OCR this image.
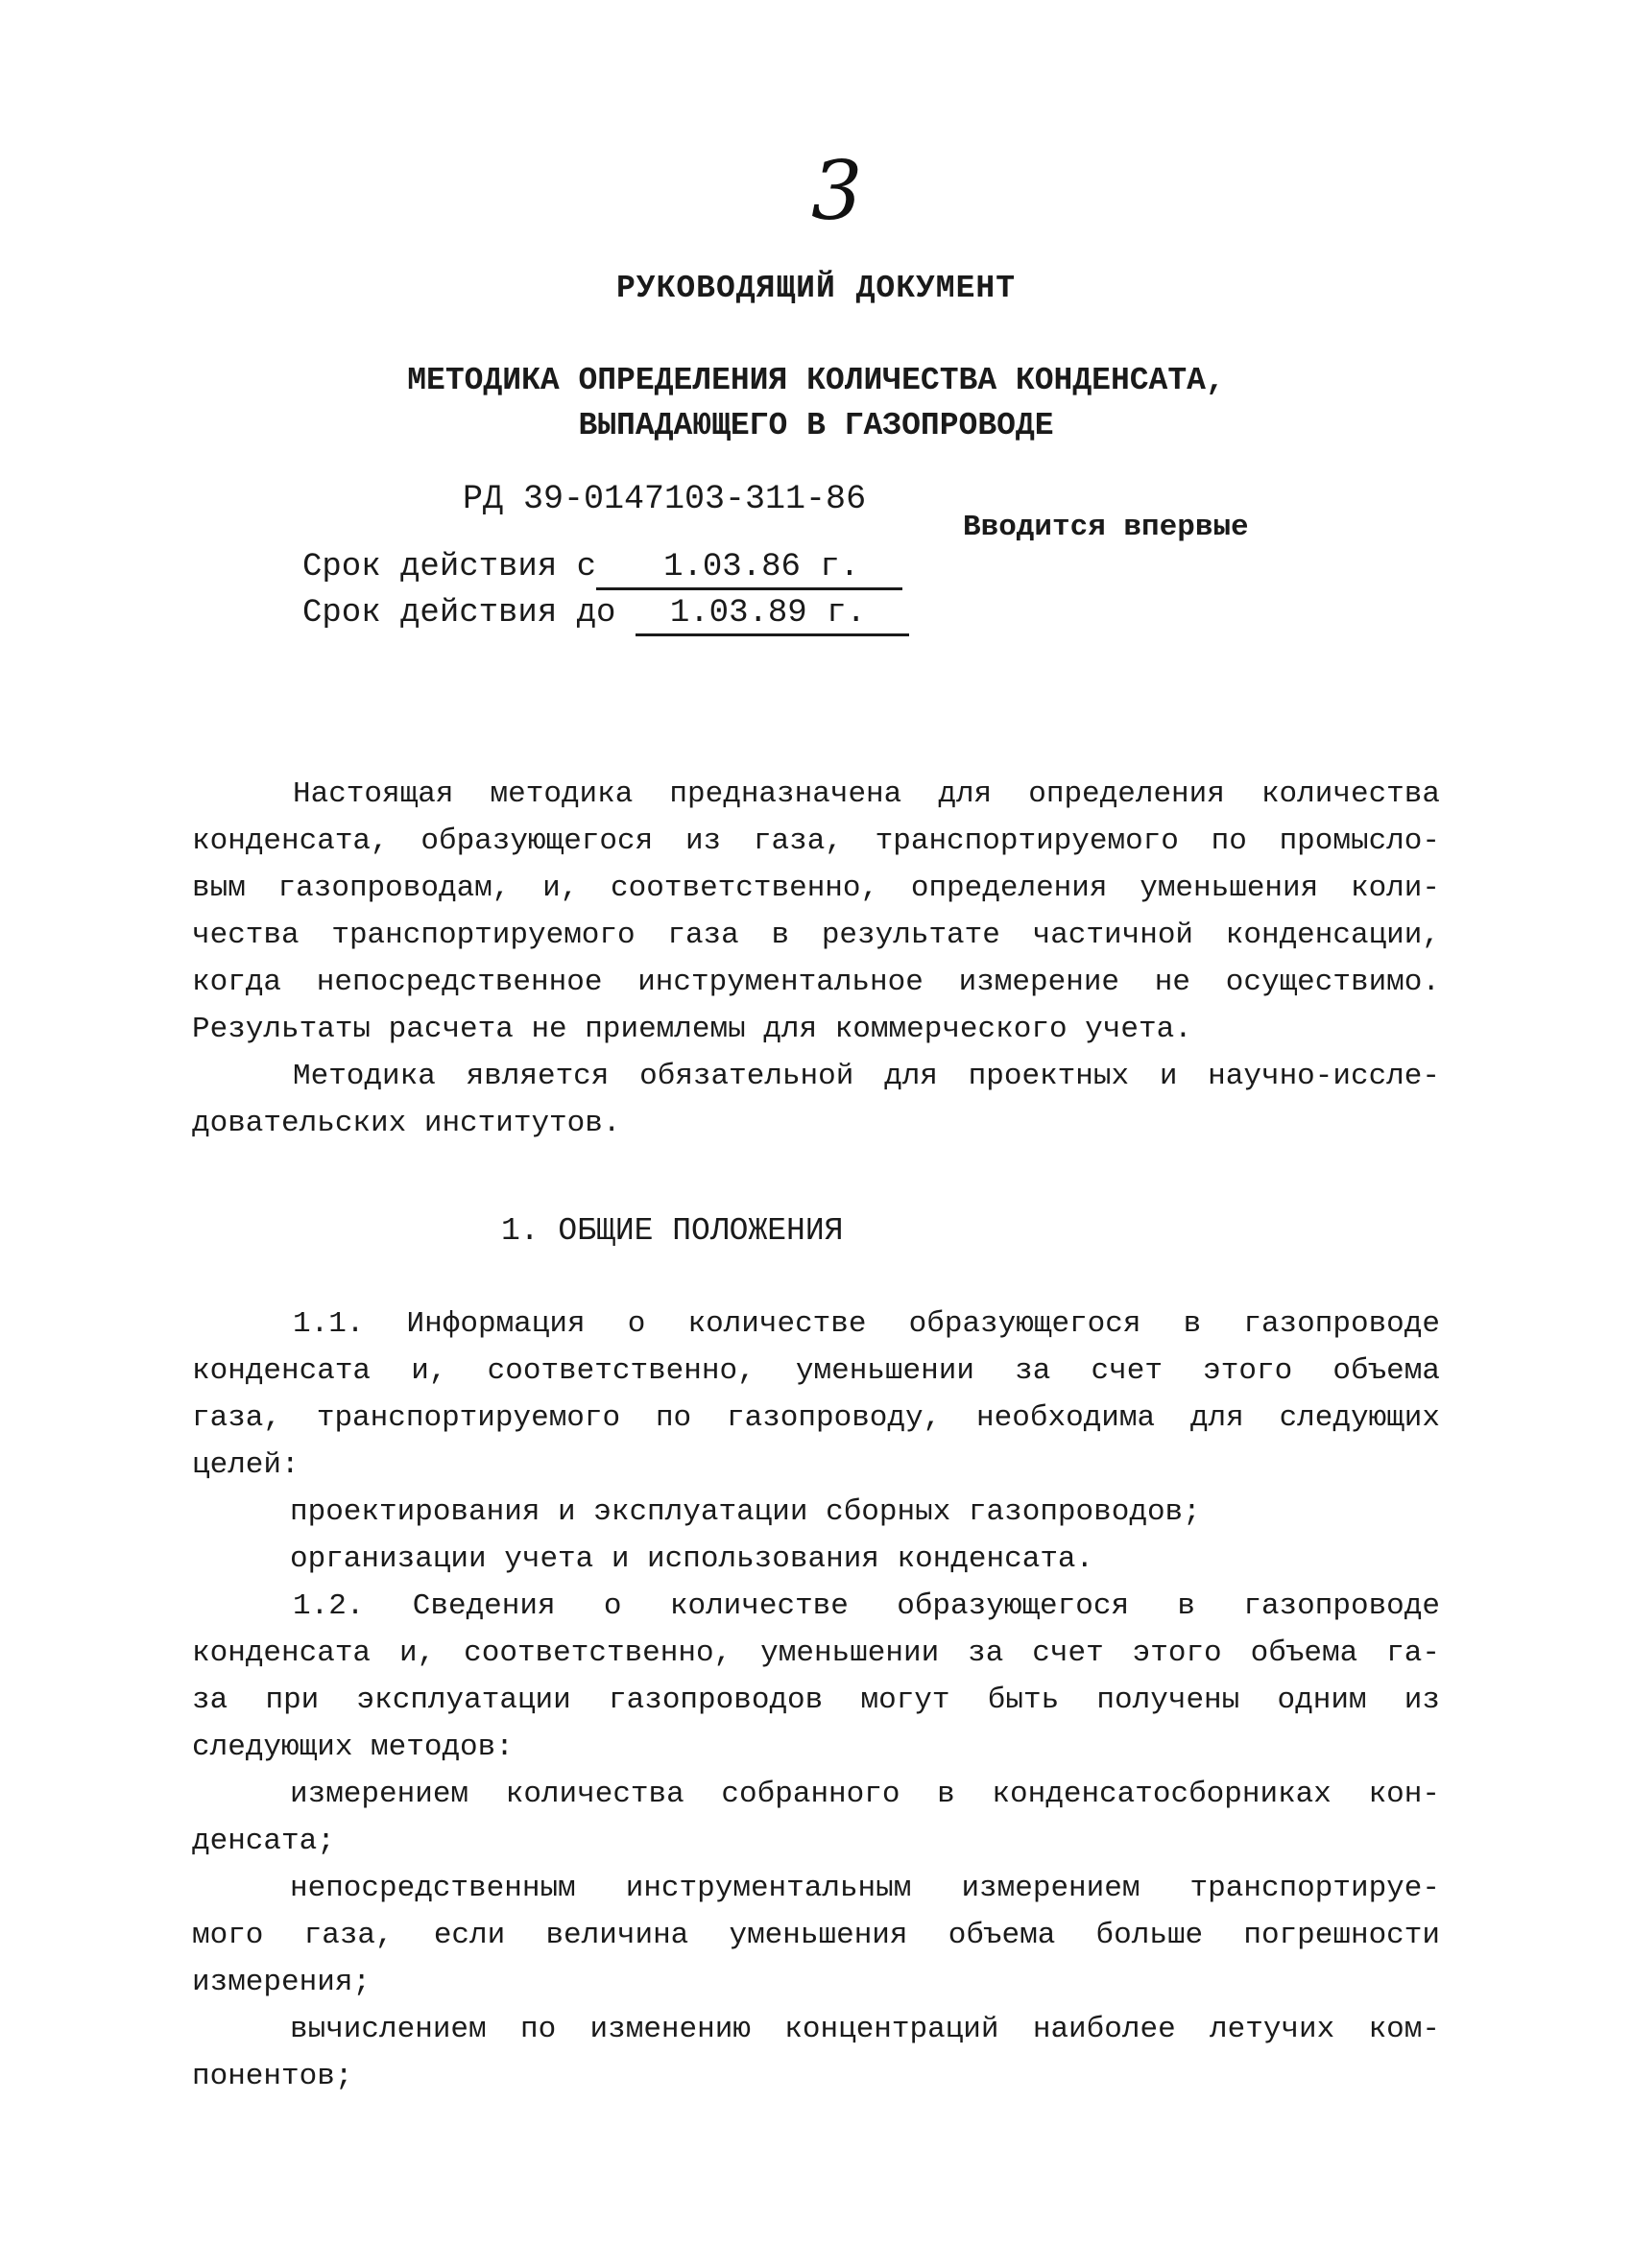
3
РУКОВОДЯЩИЙ ДОКУМЕНТ
МЕТОДИКА ОПРЕДЕЛЕНИЯ КОЛИЧЕСТВА КОНДЕНСАТА,
ВЫПАДАЮЩЕГО В ГАЗОПРОВОДЕ
РД 39-0147103-311-86
Вводится впервые
Срок действия с 1.03.86 г.
Срок действия до 1.03.89 г.
Настоящая методика предназначена для определения количества
конденсата, образующегося из газа, транспортируемого по промысло-
вым газопроводам, и, соответственно, определения уменьшения коли-
чества транспортируемого газа в результате частичной конденсации,
когда непосредственное инструментальное измерение не осуществимо.
Результаты расчета не приемлемы для коммерческого учета.
Методика является обязательной для проектных и научно-иссле-
довательских институтов.
1. ОБЩИЕ ПОЛОЖЕНИЯ
1.1. Информация о количестве образующегося в газопроводе
конденсата и, соответственно, уменьшении за счет этого объема
газа, транспортируемого по газопроводу, необходима для следующих
целей:
проектирования и эксплуатации сборных газопроводов;
организации учета и использования конденсата.
1.2. Сведения о количестве образующегося в газопроводе
конденсата и, соответственно, уменьшении за счет этого объема га-
за при эксплуатации газопроводов могут быть получены одним из
следующих методов:
измерением количества собранного в конденсатосборниках кон-
денсата;
непосредственным инструментальным измерением транспортируе-
мого газа, если величина уменьшения объема больше погрешности
измерения;
вычислением по изменению концентраций наиболее летучих ком-
понентов;
